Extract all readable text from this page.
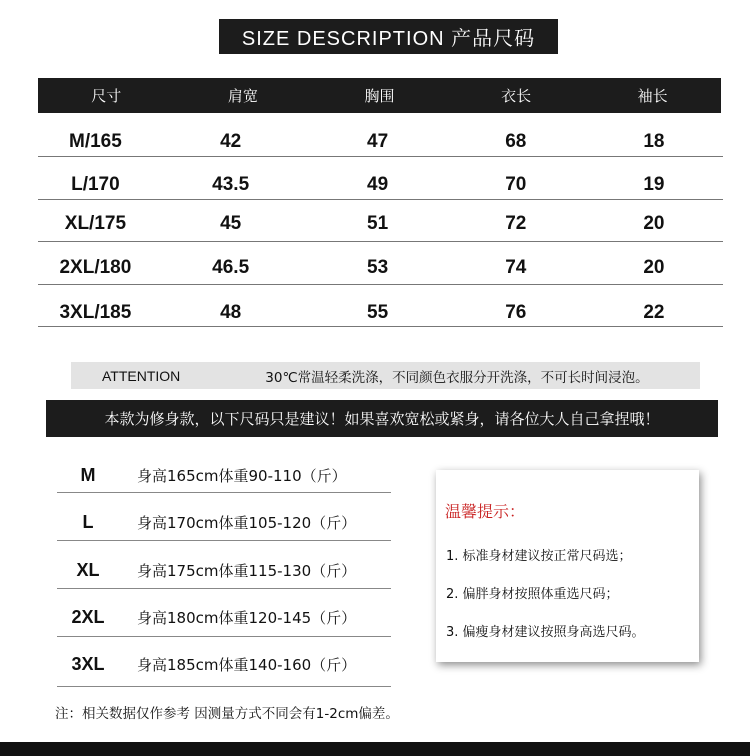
SIZE DESCRIPTION 产品尺码
尺寸	肩宽	胸围	衣长	袖长
M/165	42	47	68	18
L/170	43.5	49	70	19
XL/175	45	51	72	20
2XL/180	46.5	53	74	20
3XL/185	48	55	76	22
ATTENTION	30℃常温轻柔洗涤，不同颜色衣服分开洗涤，不可长时间浸泡。
本款为修身款，以下尺码只是建议！如果喜欢宽松或紧身，请各位大人自己拿捏哦！
M	身高165cm体重90-110（斤）
L	身高170cm体重105-120（斤）
XL	身高175cm体重115-130（斤）
2XL	身高180cm体重120-145（斤）
3XL	身高185cm体重140-160（斤）
温馨提示：
1. 标准身材建议按正常尺码选；
2. 偏胖身材按照体重选尺码；
3. 偏瘦身材建议按照身高选尺码。
注：相关数据仅作参考 因测量方式不同会有1-2cm偏差。
